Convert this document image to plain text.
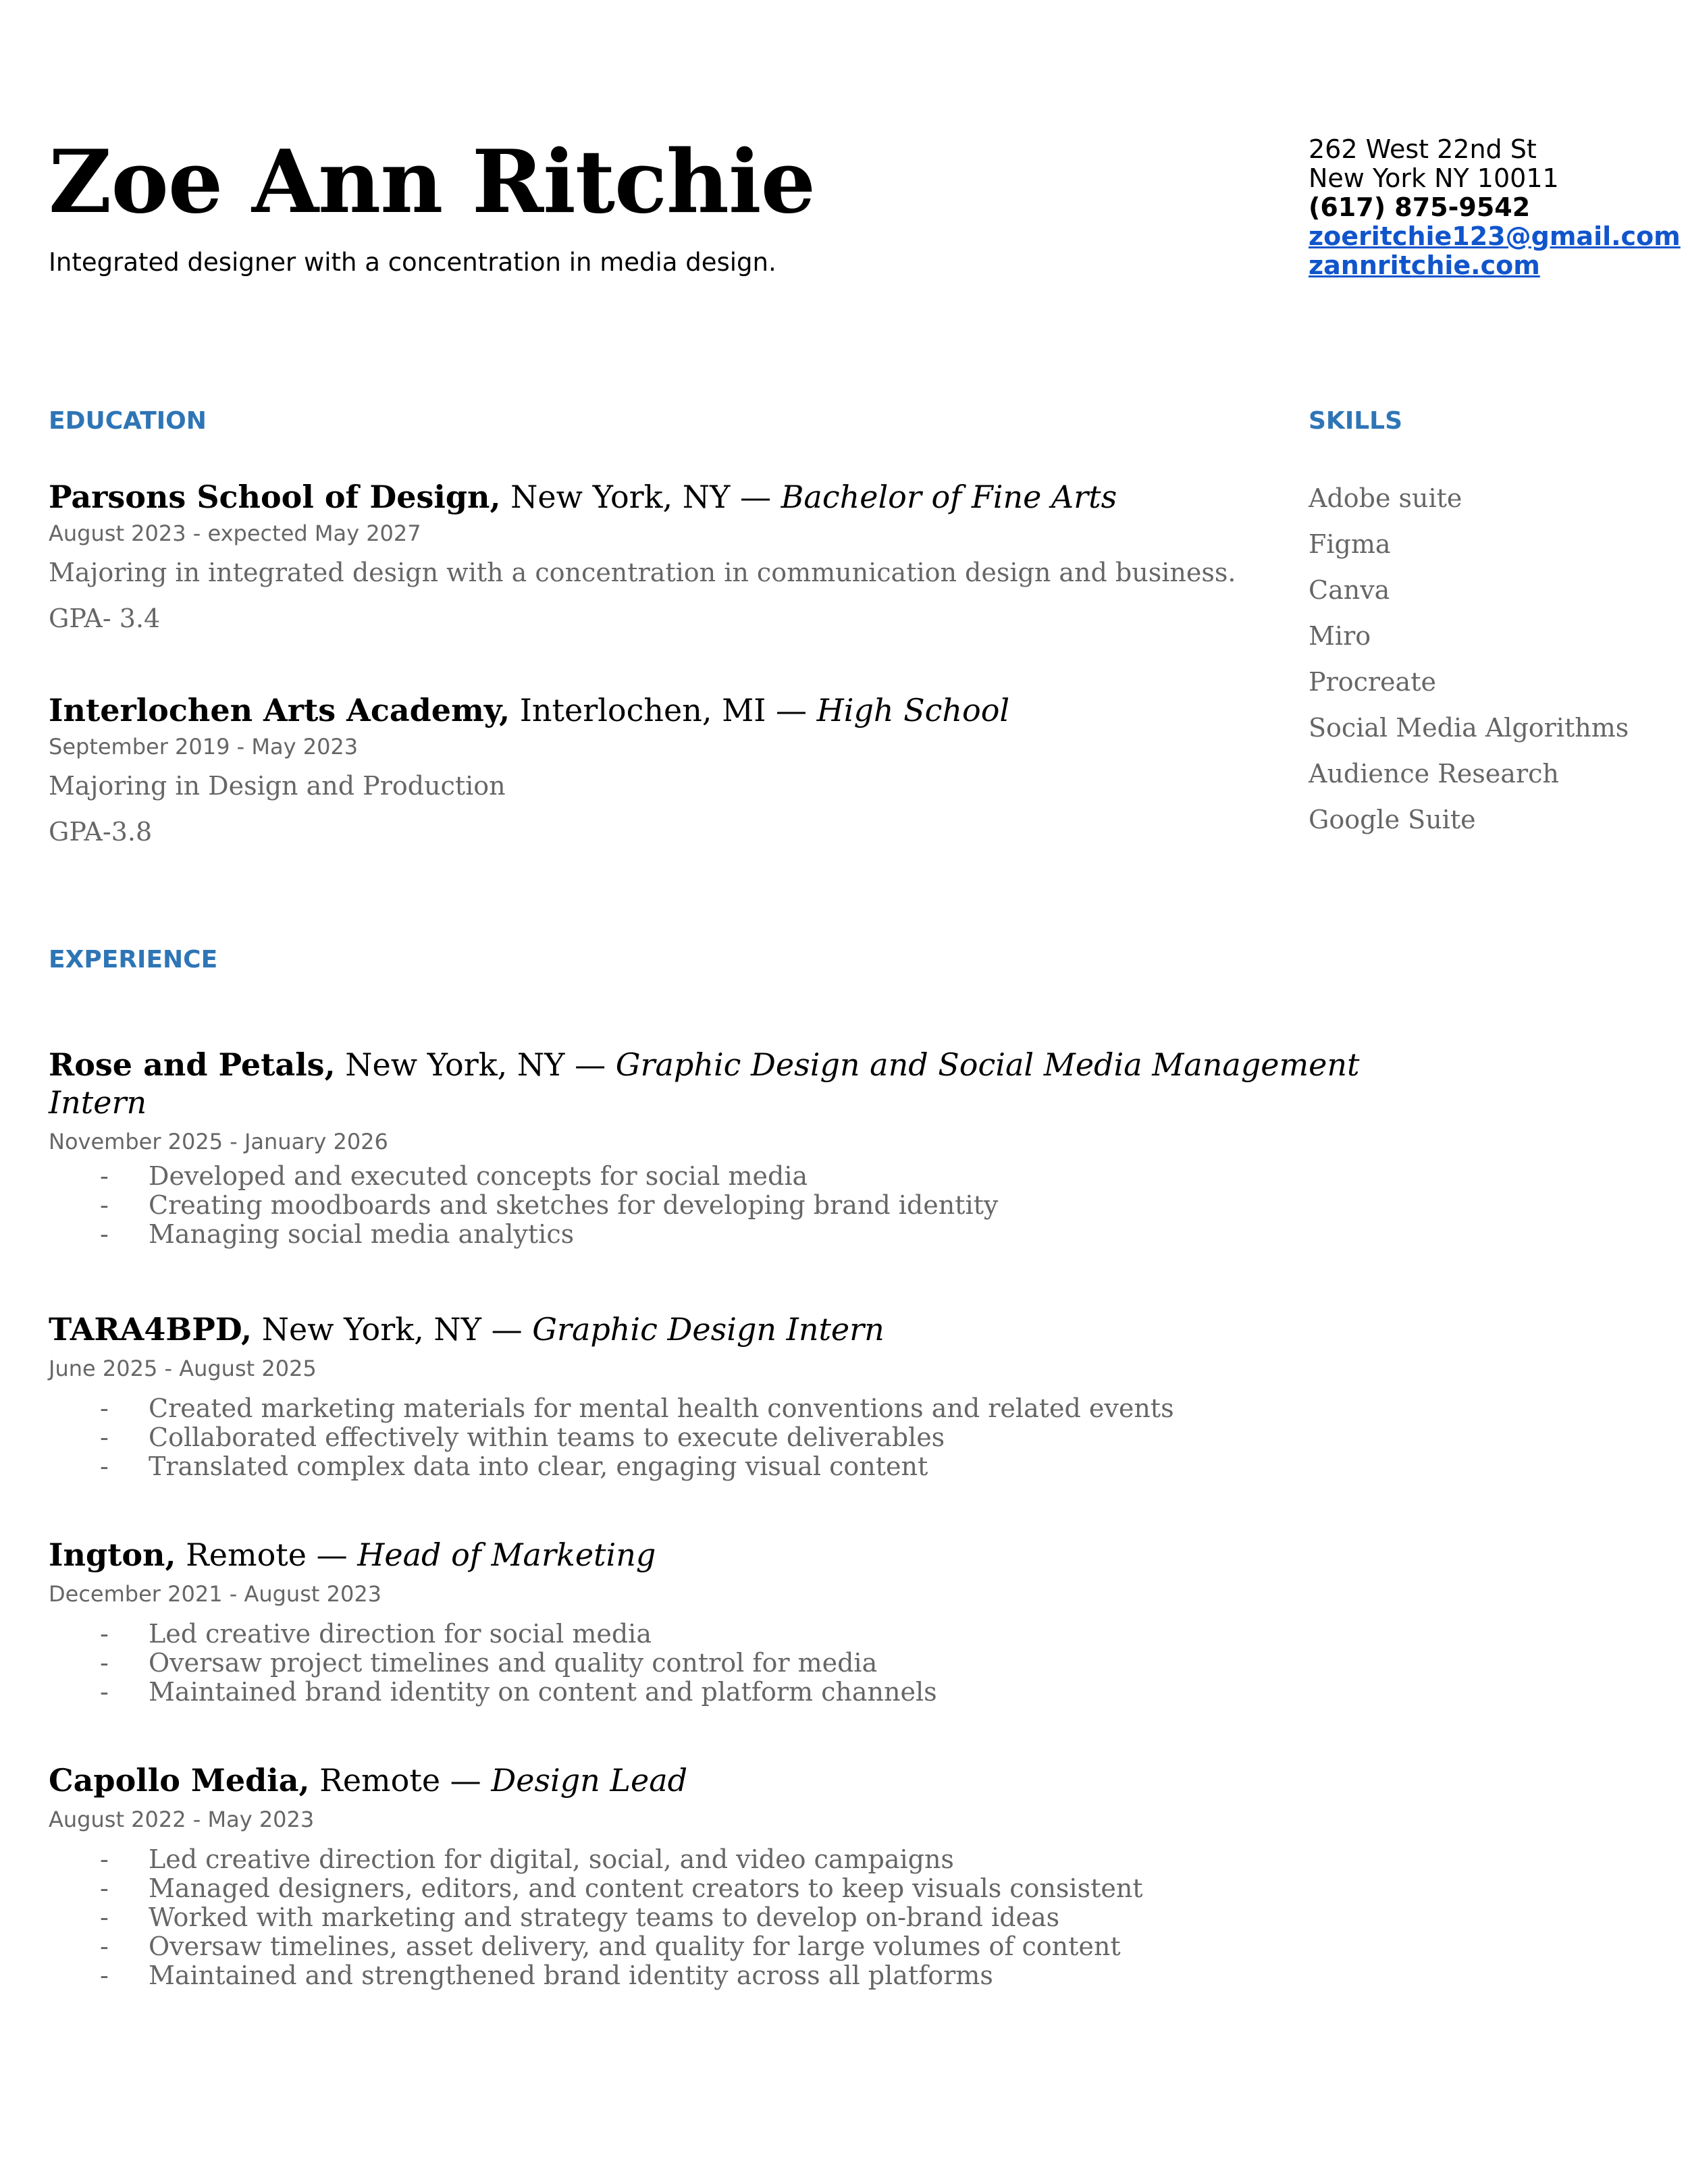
Zoe Ann Ritchie
Integrated designer with a concentration in media design.
262 West 22nd St
New York NY 10011
(617) 875-9542
zoeritchie123@gmail.com
zannritchie.com
EDUCATION
Parsons School of Design, New York, NY — Bachelor of Fine Arts
August 2023 - expected May 2027
Majoring in integrated design with a concentration in communication design and business.
GPA- 3.4
Interlochen Arts Academy, Interlochen, MI — High School
September 2019 - May 2023
Majoring in Design and Production
GPA-3.8
SKILLS
Adobe suite
Figma
Canva
Miro
Procreate
Social Media Algorithms
Audience Research
Google Suite
EXPERIENCE
Rose and Petals, New York, NY — Graphic Design and Social Media Management
Intern
November 2025 - January 2026
- Developed and executed concepts for social media
- Creating moodboards and sketches for developing brand identity
- Managing social media analytics
TARA4BPD, New York, NY — Graphic Design Intern
June 2025 - August 2025
- Created marketing materials for mental health conventions and related events
- Collaborated effectively within teams to execute deliverables
- Translated complex data into clear, engaging visual content
Ington, Remote — Head of Marketing
December 2021 - August 2023
- Led creative direction for social media
- Oversaw project timelines and quality control for media
- Maintained brand identity on content and platform channels
Capollo Media, Remote — Design Lead
August 2022 - May 2023
- Led creative direction for digital, social, and video campaigns
- Managed designers, editors, and content creators to keep visuals consistent
- Worked with marketing and strategy teams to develop on-brand ideas
- Oversaw timelines, asset delivery, and quality for large volumes of content
- Maintained and strengthened brand identity across all platforms
